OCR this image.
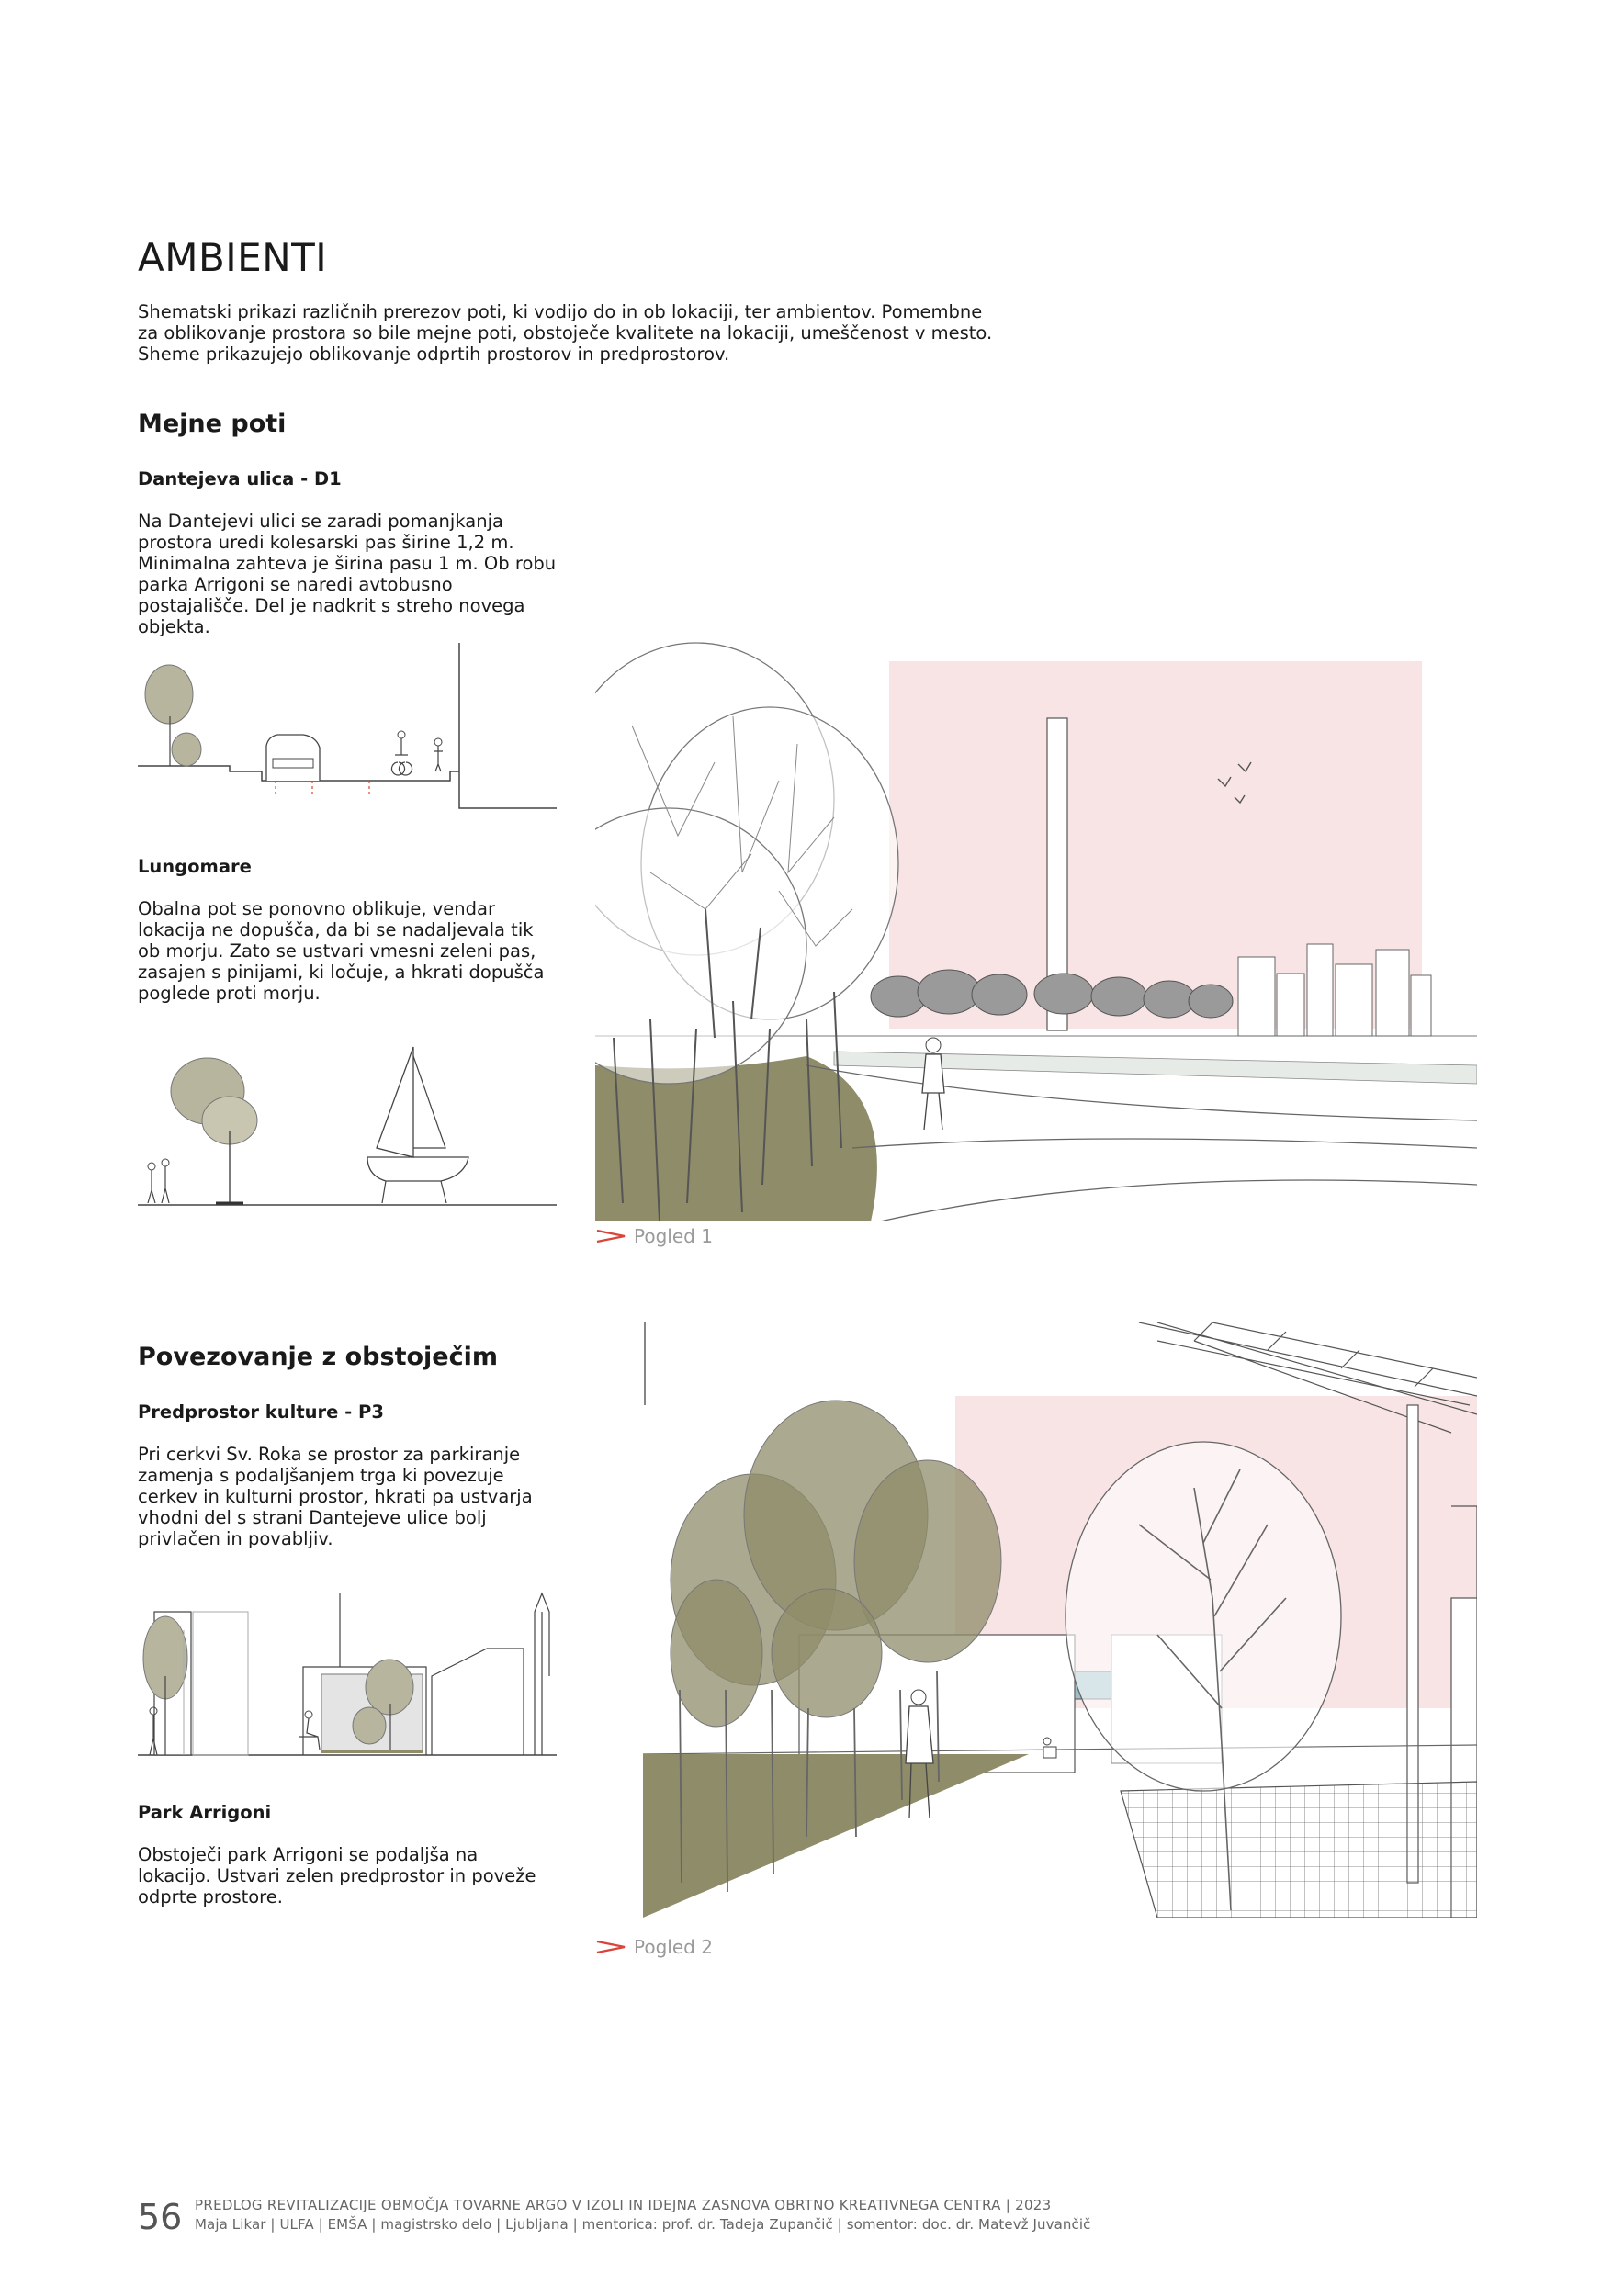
AMBIENTI

Shematski prikazi različnih prerezov poti, ki vodijo do in ob lokaciji, ter ambientov. Pomembne za oblikovanje prostora so bile mejne poti, obstoječe kvalitete na lokaciji, umeščenost v mesto. Sheme prikazujejo oblikovanje odprtih prostorov in predprostorov.

Mejne poti
Dantejeva ulica - D1

Na Dantejevi ulici se zaradi pomanjkanja prostora uredi kolesarski pas širine 1,2 m. Minimalna zahteva je širina pasu 1 m. Ob robu parka Arrigoni se naredi avtobusno postajališče. Del je nadkrit s streho novega objekta.

Lungomare

Obalna pot se ponovno oblikuje, vendar lokacija ne dopušča, da bi se nadaljevala tik ob morju. Zato se ustvari vmesni zeleni pas, zasajen s pinijami, ki ločuje, a hkrati dopušča poglede proti morju.

Pogled 1
Povezovanje z obstoječim
Predprostor kulture - P3

Pri cerkvi Sv. Roka se prostor za parkiranje zamenja s podaljšanjem trga ki povezuje cerkev in kulturni prostor, hkrati pa ustvarja vhodni del s strani Dantejeve ulice bolj privlačen in povabljiv.

Park Arrigoni

Obstoječi park Arrigoni se podaljša na lokacijo. Ustvari zelen predprostor in poveže odprte prostore.

Pogled 2
56 PREDLOG REVITALIZACIJE OBMOČJA TOVARNE ARGO V IZOLI IN IDEJNA ZASNOVA OBRTNO KREATIVNEGA CENTRA | 2023
Maja Likar | ULFA | EMŠA | magistrsko delo | Ljubljana | mentorica: prof. dr. Tadeja Zupančič | somentor: doc. dr. Matevž Juvančič
